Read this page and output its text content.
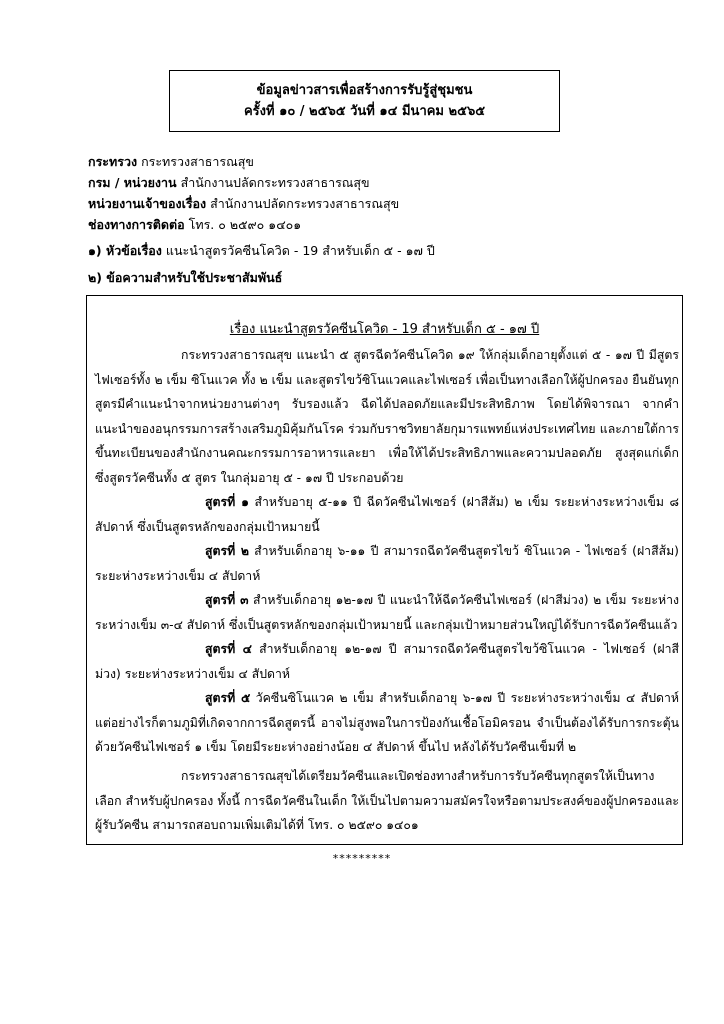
ข้อมูลข่าวสารเพื่อสร้างการรับรู้สู่ชุมชน
ครั้งที่ ๑๐ / ๒๕๖๕ วันที่ ๑๔ มีนาคม ๒๕๖๕
กระทรวง กระทรวงสาธารณสุข
กรม / หน่วยงาน สำนักงานปลัดกระทรวงสาธารณสุข
หน่วยงานเจ้าของเรื่อง สำนักงานปลัดกระทรวงสาธารณสุข
ช่องทางการติดต่อ โทร. ๐ ๒๕๙๐ ๑๔๐๑
๑) หัวข้อเรื่อง แนะนำสูตรวัคซีนโควิด - 19 สำหรับเด็ก ๕ - ๑๗ ปี
๒) ข้อความสำหรับใช้ประชาสัมพันธ์
เรื่อง แนะนำสูตรวัคซีนโควิด - 19 สำหรับเด็ก ๕ - ๑๗ ปี
กระทรวงสาธารณสุข แนะนำ ๕ สูตรฉีดวัคซีนโควิด ๑๙ ให้กลุ่มเด็กอายุตั้งแต่ ๕ - ๑๗ ปี มีสูตรไฟเซอร์ทั้ง ๒ เข็ม ซิโนแวค ทั้ง ๒ เข็ม และสูตรไขว้ซิโนแวคและไฟเซอร์ เพื่อเป็นทางเลือกให้ผู้ปกครอง ยืนยันทุกสูตรมีคำแนะนำจากหน่วยงานต่างๆ รับรองแล้ว ฉีดได้ปลอดภัยและมีประสิทธิภาพ โดยได้พิจารณา จากคำแนะนำของอนุกรรมการสร้างเสริมภูมิคุ้มกันโรค ร่วมกับราชวิทยาลัยกุมารแพทย์แห่งประเทศไทย และภายใต้การขึ้นทะเบียนของสำนักงานคณะกรรมการอาหารและยา เพื่อให้ได้ประสิทธิภาพและความปลอดภัย สูงสุดแก่เด็ก ซึ่งสูตรวัคซีนทั้ง ๕ สูตร ในกลุ่มอายุ ๕ - ๑๗ ปี ประกอบด้วย
สูตรที่ ๑ สำหรับอายุ ๕-๑๑ ปี ฉีดวัคซีนไฟเซอร์ (ฝาสีส้ม) ๒ เข็ม ระยะห่างระหว่างเข็ม ๘ สัปดาห์ ซึ่งเป็นสูตรหลักของกลุ่มเป้าหมายนี้
สูตรที่ ๒ สำหรับเด็กอายุ ๖-๑๑ ปี สามารถฉีดวัคซีนสูตรไขว้ ซิโนแวค - ไฟเซอร์ (ฝาสีส้ม) ระยะห่างระหว่างเข็ม ๔ สัปดาห์
สูตรที่ ๓ สำหรับเด็กอายุ ๑๒-๑๗ ปี แนะนำให้ฉีดวัคซีนไฟเซอร์ (ฝาสีม่วง) ๒ เข็ม ระยะห่าง ระหว่างเข็ม ๓-๔ สัปดาห์ ซึ่งเป็นสูตรหลักของกลุ่มเป้าหมายนี้ และกลุ่มเป้าหมายส่วนใหญ่ได้รับการฉีดวัคซีนแล้ว
สูตรที่ ๔ สำหรับเด็กอายุ ๑๒-๑๗ ปี สามารถฉีดวัคซีนสูตรไขว้ซิโนแวค - ไฟเซอร์ (ฝาสีม่วง) ระยะห่างระหว่างเข็ม ๔ สัปดาห์
สูตรที่ ๕ วัคซีนซิโนแวค ๒ เข็ม สำหรับเด็กอายุ ๖-๑๗ ปี ระยะห่างระหว่างเข็ม ๔ สัปดาห์ แต่อย่างไรก็ตามภูมิที่เกิดจากการฉีดสูตรนี้ อาจไม่สูงพอในการป้องกันเชื้อโอมิครอน จำเป็นต้องได้รับการกระตุ้น ด้วยวัคซีนไฟเซอร์ ๑ เข็ม โดยมีระยะห่างอย่างน้อย ๔ สัปดาห์ ขึ้นไป หลังได้รับวัคซีนเข็มที่ ๒
กระทรวงสาธารณสุขได้เตรียมวัคซีนและเปิดช่องทางสำหรับการรับวัคซีนทุกสูตรให้เป็นทางเลือก สำหรับผู้ปกครอง ทั้งนี้ การฉีดวัคซีนในเด็ก ให้เป็นไปตามความสมัครใจหรือตามประสงค์ของผู้ปกครองและ ผู้รับวัคซีน สามารถสอบถามเพิ่มเติมได้ที่ โทร. ๐ ๒๕๙๐ ๑๔๐๑
*********
